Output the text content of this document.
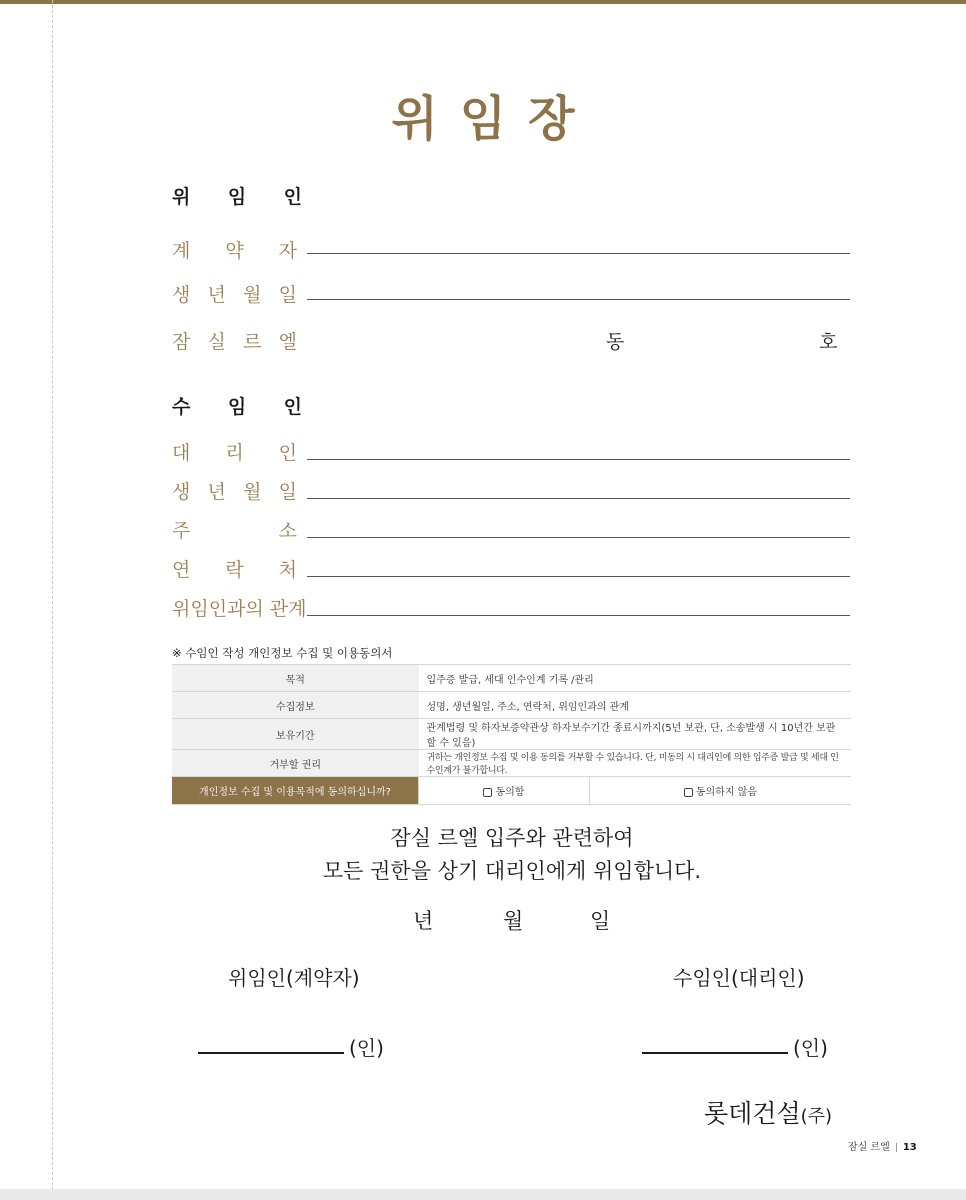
위임장
위 임 인
계 약 자
생 년 월 일
잠 실 르 엘	동	호
수 임 인
대 리 인
생 년 월 일
주	소
연 락 처
위임인과의 관계
※ 수임인 작성 개인정보 수집 및 이용동의서
목적	입주증 발급, 세대 인수인계 기록 /관리	
수집정보	성명, 생년월일, 주소, 연락처, 위임인과의 관계	
보유기간	관계법령 및 하자보증약관상 하자보수기간 종료시까지(5년 보관, 단, 소송발생 시 10년간 보관할 수 있음)	
거부할 권리	귀하는 개인정보 수집 및 이용 동의를 거부할 수 있습니다. 단, 미동의 시 대리인에 의한 입주증 발급 및 세대 인수인계가 불가합니다.	
개인정보 수집 및 이용목적에 동의하십니까?	동의함	동의하지 않음
잠실 르엘 입주와 관련하여
모든 권한을 상기 대리인에게 위임합니다.
년	월	일
위임인(계약자)	수임인(대리인)
(인)	(인)
롯데건설(주)
잠실 르엘 13
